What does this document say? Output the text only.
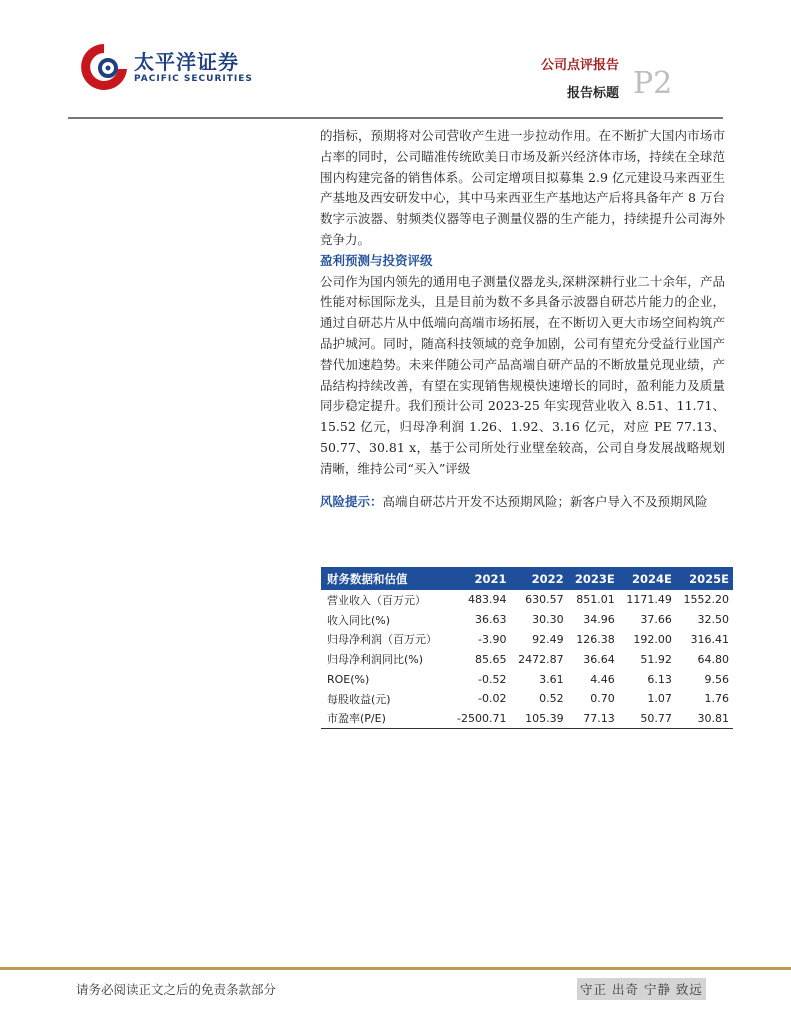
太平洋证券
PACIFIC SECURITIES
公司点评报告
报告标题 P2

的指标，预期将对公司营收产生进一步拉动作用。在不断扩大国内市场市占率的同时，公司瞄准传统欧美日市场及新兴经济体市场，持续在全球范围内构建完备的销售体系。公司定增项目拟募集 2.9 亿元建设马来西亚生产基地及西安研发中心，其中马来西亚生产基地达产后将具备年产 8 万台数字示波器、射频类仪器等电子测量仪器的生产能力，持续提升公司海外竞争力。

盈利预测与投资评级

公司作为国内领先的通用电子测量仪器龙头,深耕深耕行业二十余年，产品性能对标国际龙头，且是目前为数不多具备示波器自研芯片能力的企业，通过自研芯片从中低端向高端市场拓展，在不断切入更大市场空间构筑产品护城河。同时，随高科技领域的竞争加剧，公司有望充分受益行业国产替代加速趋势。未来伴随公司产品高端自研产品的不断放量兑现业绩，产品结构持续改善，有望在实现销售规模快速增长的同时，盈利能力及质量同步稳定提升。我们预计公司 2023-25 年实现营业收入 8.51、11.71、15.52 亿元，归母净利润 1.26、1.92、3.16 亿元，对应 PE 77.13、50.77、30.81 x，基于公司所处行业壁垒较高，公司自身发展战略规划清晰，维持公司“买入”评级

风险提示：高端自研芯片开发不达预期风险；新客户导入不及预期风险

财务数据和估值	2021	2022	2023E	2024E	2025E
营业收入（百万元）	483.94	630.57	851.01	1171.49	1552.20
收入同比(%)	36.63	30.30	34.96	37.66	32.50
归母净利润（百万元）	-3.90	92.49	126.38	192.00	316.41
归母净利润同比(%)	85.65	2472.87	36.64	51.92	64.80
ROE(%)	-0.52	3.61	4.46	6.13	9.56
每股收益(元)	-0.02	0.52	0.70	1.07	1.76
市盈率(P/E)	-2500.71	105.39	77.13	50.77	30.81
请务必阅读正文之后的免责条款部分	守正 出奇 宁静 致远
